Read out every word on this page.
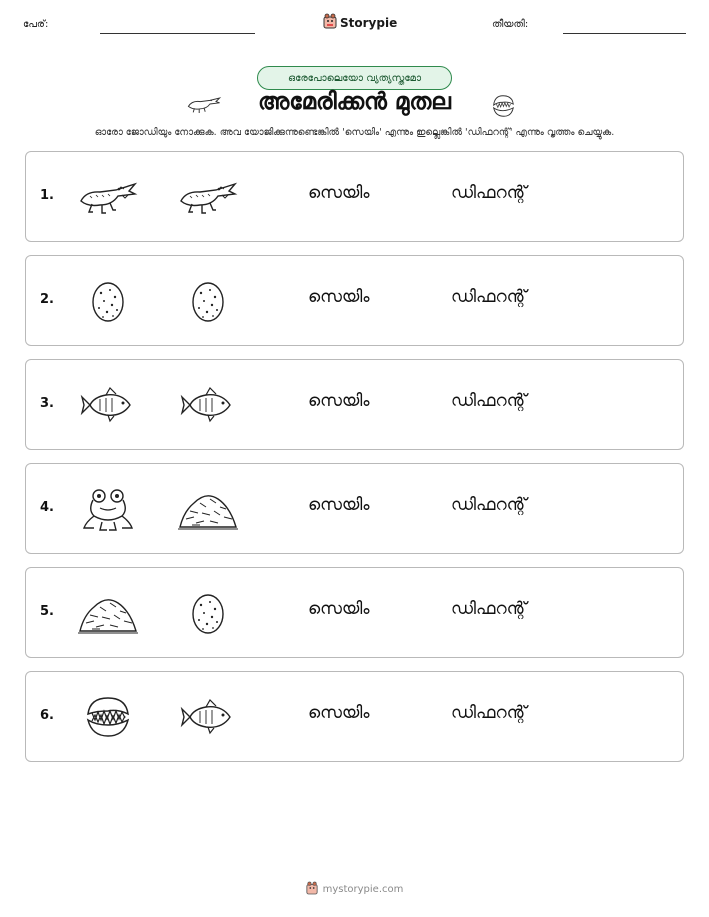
പേര്:	Storypie	തീയതി:
ഒരേപോലെയോ വ്യത്യസ്തമോ
അമേരിക്കൻ മുതല
ഓരോ ജോഡിയും നോക്കുക. അവ യോജിക്കുന്നുണ്ടെങ്കിൽ 'സെയിം' എന്നും ഇല്ലെങ്കിൽ 'ഡിഫറന്റ്' എന്നും വൃത്തം ചെയ്യുക.
1.	സെയിം	ഡിഫറന്റ്
2.	സെയിം	ഡിഫറന്റ്
3.	സെയിം	ഡിഫറന്റ്
4.	സെയിം	ഡിഫറന്റ്
5.	സെയിം	ഡിഫറന്റ്
6.	സെയിം	ഡിഫറന്റ്
mystorypie.com
